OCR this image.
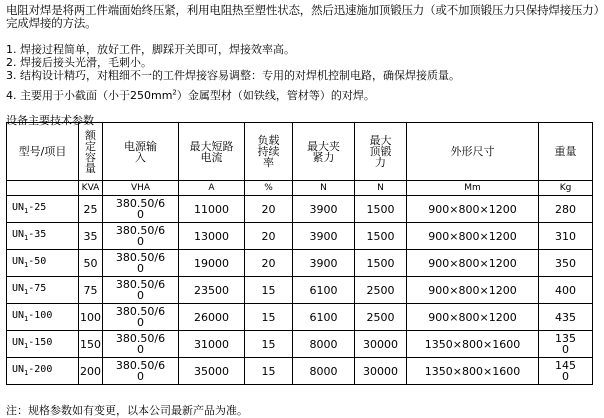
电阻对焊是将两工件端面始终压紧，利用电阻热至塑性状态，然后迅速施加顶锻压力（或不加顶锻压力只保持焊接压力）完成焊接的方法。

1. 焊接过程简单，放好工件，脚踩开关即可，焊接效率高。
2. 焊接后接头光滑，毛刺小。
3. 结构设计精巧，对粗细不一的工件焊接容易调整：专用的对焊机控制电路，确保焊接质量。
4. 主要用于小截面（小于$250mm^2$）金属型材（如铁线，管材等）的对焊。
设备主要技术参数
型号/项目	额定容量	电源输入	最大短路电流	负载持续率	最大夹紧力	最大顶锻力	外形尺寸	重量
	KVA	VHA	A	%	N	N	Mm	Kg
$UN_1-25$	25	380.50/60	11000	20	3900	1500	900×800×1200	280
$UN_1-35$	35	380.50/60	13000	20	3900	1500	900×800×1200	310
$UN_1-50$	50	380.50/60	19000	20	3900	1500	900×800×1200	350
$UN_1-75$	75	380.50/60	23500	15	6100	2500	900×800×1200	400
$UN_1-100$	100	380.50/60	26000	15	6100	2500	900×800×1200	435
$UN_1-150$	150	380.50/60	31000	15	8000	30000	1350×800×1600	1350
$UN_1-200$	200	380.50/60	35000	15	8000	30000	1350×800×1600	1450
注：规格参数如有变更，以本公司最新产品为准。
